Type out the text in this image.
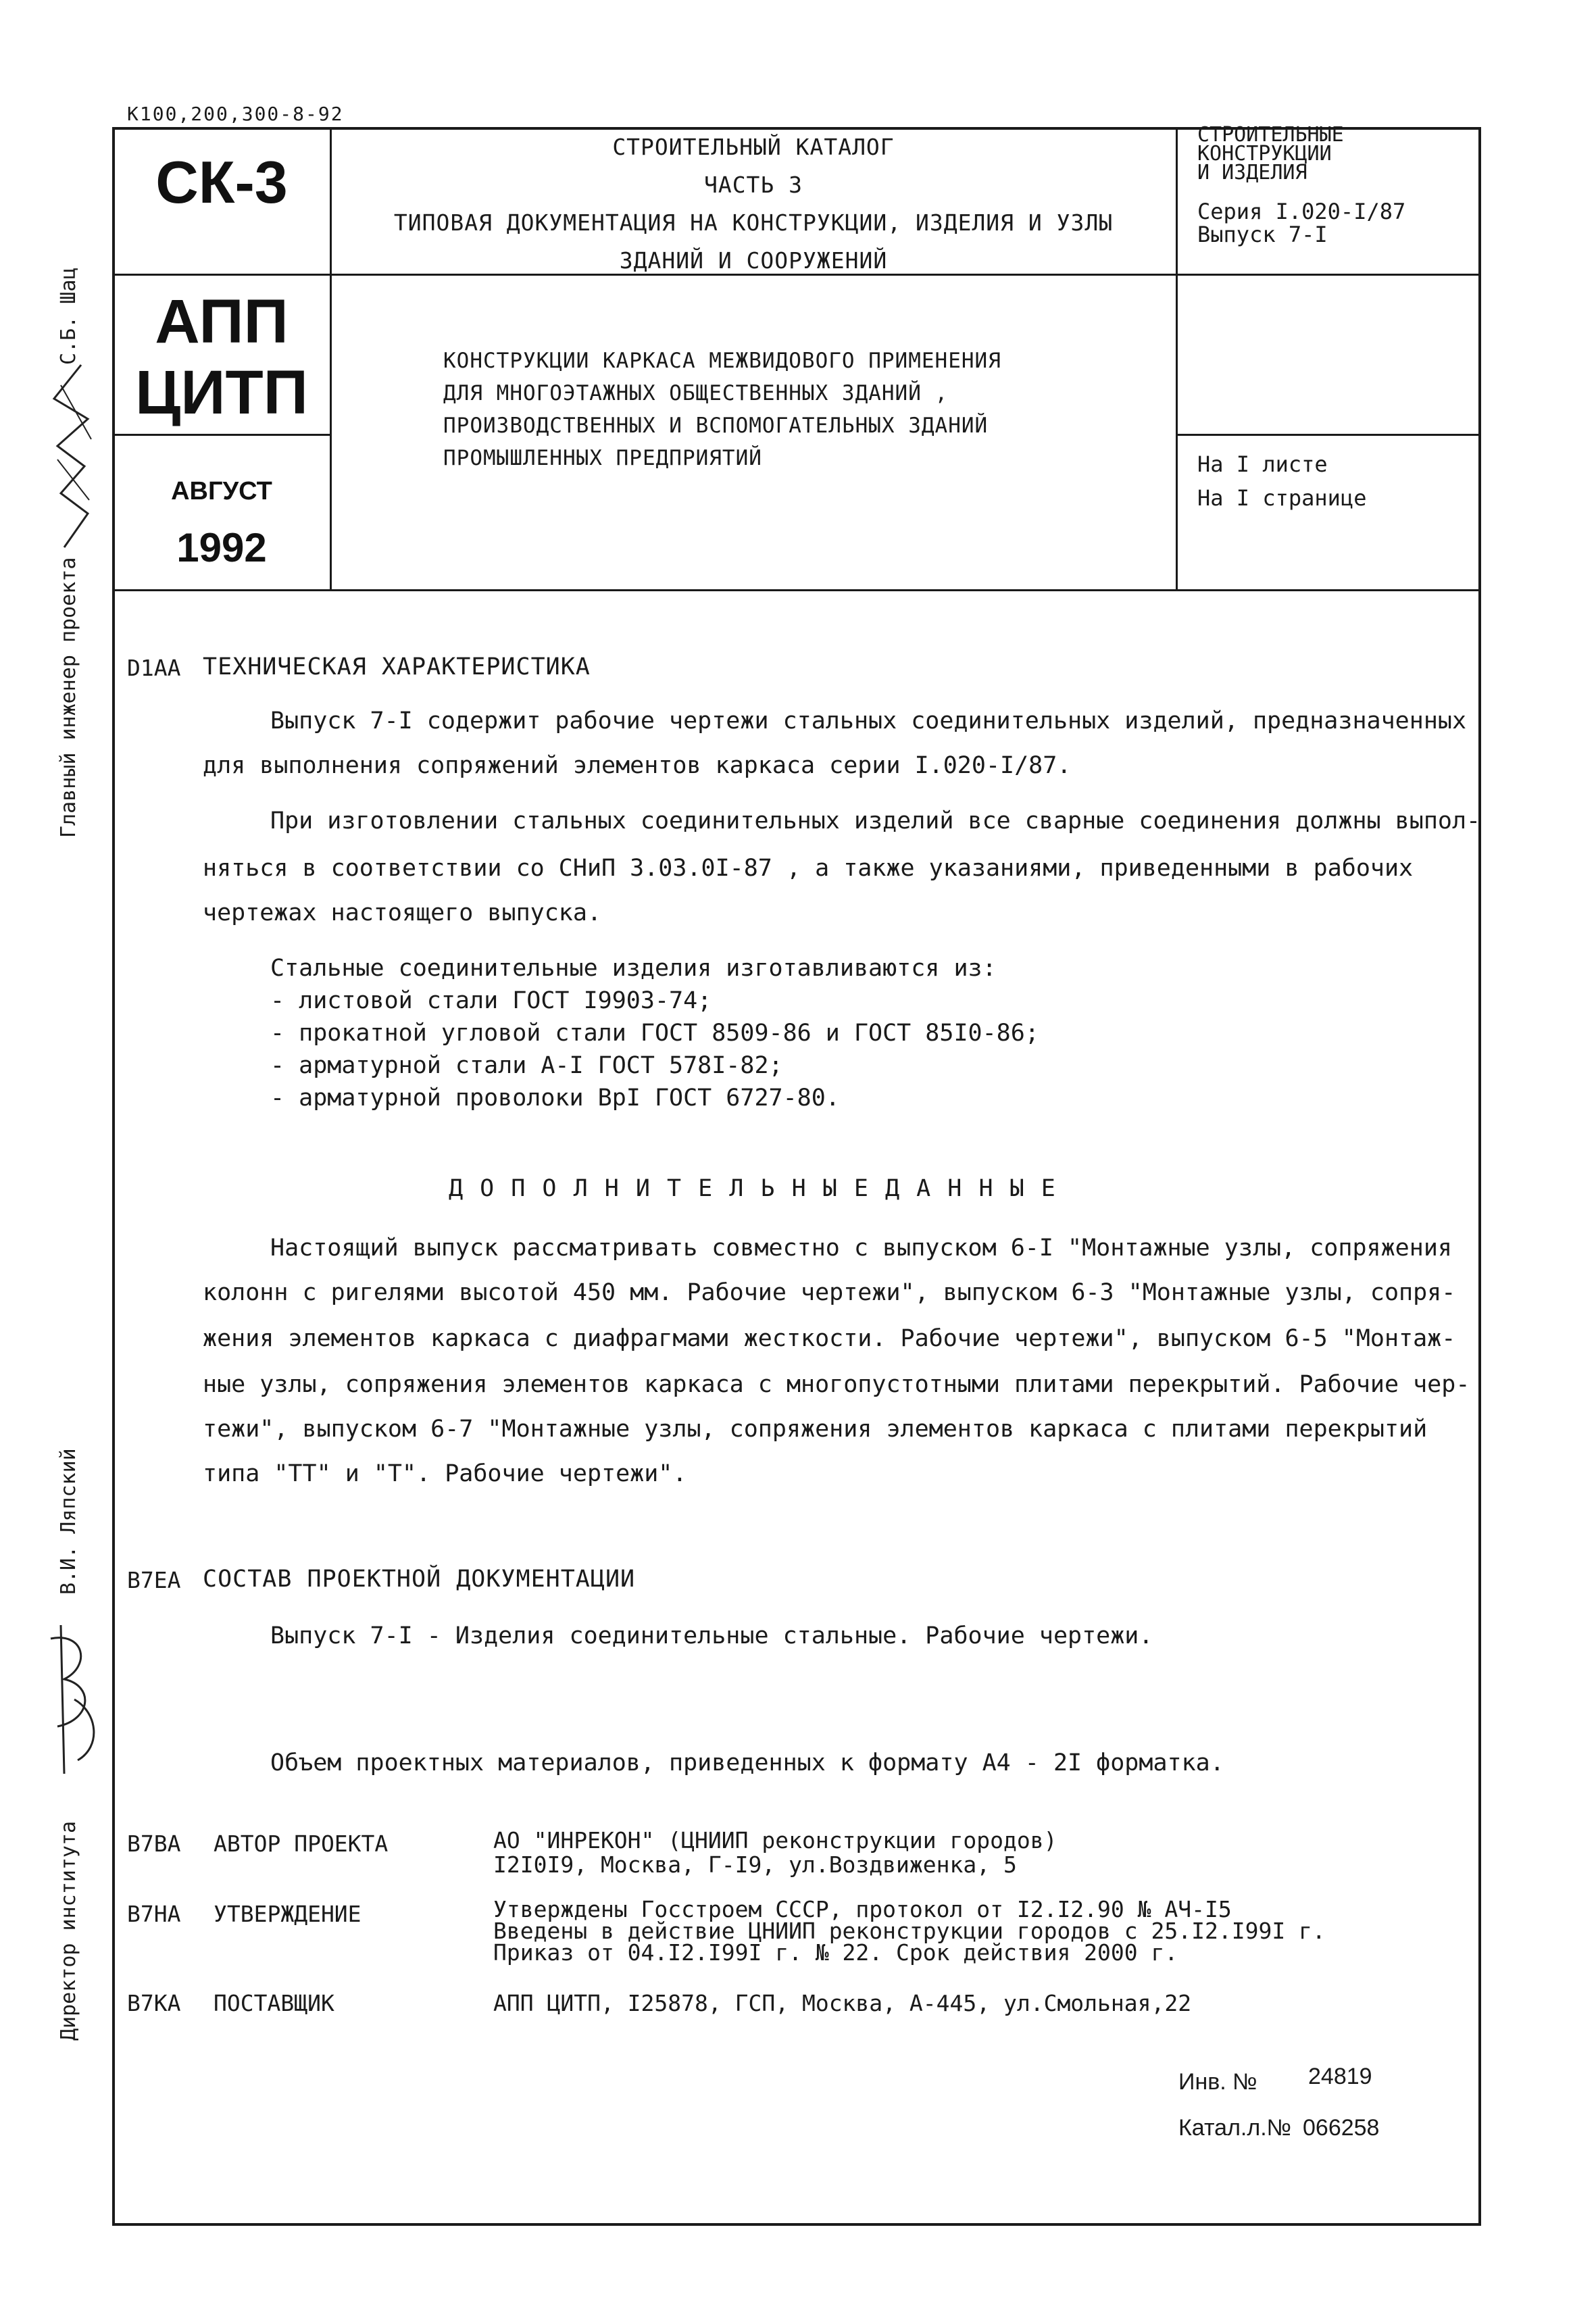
К100,200,300-8-92
СК-3
АПП
ЦИТП
АВГУСТ
1992
СТРОИТЕЛЬНЫЙ КАТАЛОГ
ЧАСТЬ 3
ТИПОВАЯ ДОКУМЕНТАЦИЯ НА КОНСТРУКЦИИ, ИЗДЕЛИЯ И УЗЛЫ
ЗДАНИЙ И СООРУЖЕНИЙ
КОНСТРУКЦИИ КАРКАСА МЕЖВИДОВОГО ПРИМЕНЕНИЯ
ДЛЯ МНОГОЭТАЖНЫХ ОБЩЕСТВЕННЫХ ЗДАНИЙ ,
ПРОИЗВОДСТВЕННЫХ И ВСПОМОГАТЕЛЬНЫХ ЗДАНИЙ
ПРОМЫШЛЕННЫХ ПРЕДПРИЯТИЙ
СТРОИТЕЛЬНЫЕ
КОНСТРУКЦИИ
И ИЗДЕЛИЯ
Серия I.020-I/87
Выпуск 7-I
На I листе
На I странице
Главный инженер проекта
С.Б. Шац
В.И. Ляпский
Директор института
D1AA ТЕХНИЧЕСКАЯ ХАРАКТЕРИСТИКА
Выпуск 7-I содержит рабочие чертежи стальных соединительных изделий, предназначенных
для выполнения сопряжений элементов каркаса серии I.020-I/87.
При изготовлении стальных соединительных изделий все сварные соединения должны выпол-
няться в соответствии со СНиП 3.03.0I-87 , а также указаниями, приведенными в рабочих
чертежах настоящего выпуска.
Стальные соединительные изделия изготавливаются из:
- листовой стали ГОСТ I9903-74;
- прокатной угловой стали ГОСТ 8509-86 и ГОСТ 85I0-86;
- арматурной стали А-I ГОСТ 578I-82;
- арматурной проволоки ВрI ГОСТ 6727-80.
Д О П О Л Н И Т Е Л Ь Н Ы Е Д А Н Н Ы Е
Настоящий выпуск рассматривать совместно с выпуском 6-I "Монтажные узлы, сопряжения
колонн с ригелями высотой 450 мм. Рабочие чертежи", выпуском 6-3 "Монтажные узлы, сопря-
жения элементов каркаса с диафрагмами жесткости. Рабочие чертежи", выпуском 6-5 "Монтаж-
ные узлы, сопряжения элементов каркаса с многопустотными плитами перекрытий. Рабочие чер-
тежи", выпуском 6-7 "Монтажные узлы, сопряжения элементов каркаса с плитами перекрытий
типа "ТТ" и "Т". Рабочие чертежи".
B7EA СОСТАВ ПРОЕКТНОЙ ДОКУМЕНТАЦИИ
Выпуск 7-I - Изделия соединительные стальные. Рабочие чертежи.
Объем проектных материалов, приведенных к формату А4 - 2I форматка.
B7BA АВТОР ПРОЕКТА	АО "ИНРЕКОН" (ЦНИИП реконструкции городов)
I2I0I9, Москва, Г-I9, ул.Воздвиженка, 5
B7HA УТВЕРЖДЕНИЕ	Утверждены Госстроем СССР, протокол от I2.I2.90 № АЧ-I5
Введены в действие ЦНИИП реконструкции городов с 25.I2.I99I г.
Приказ от 04.I2.I99I г. № 22. Срок действия 2000 г.
B7KA ПОСТАВЩИК	АПП ЦИТП, I25878, ГСП, Москва, А-445, ул.Смольная,22
Инв. № 24819
Катал.л.№ 066258
